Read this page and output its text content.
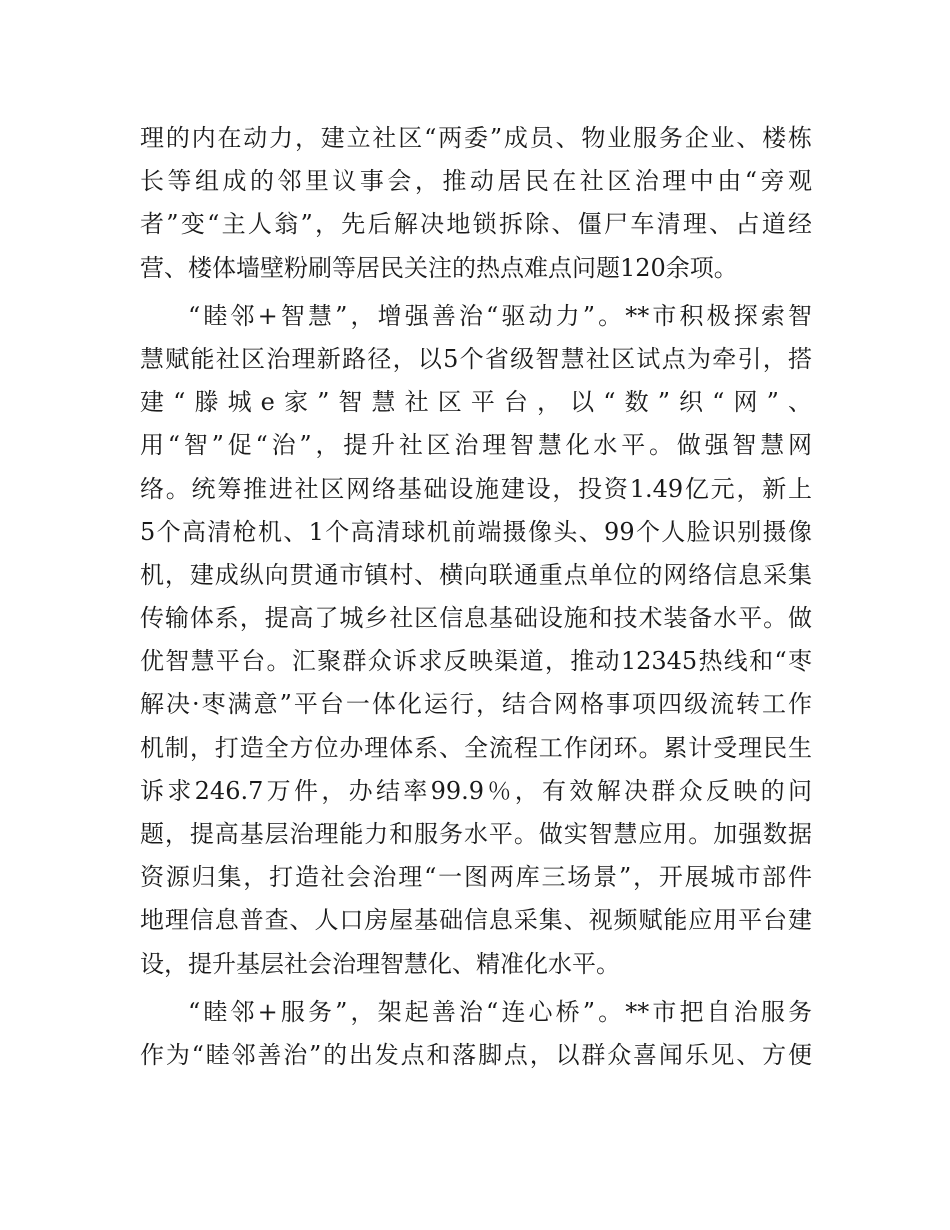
理的内在动力，建立社区“两委”成员、物业服务企业、楼栋
长等组成的邻里议事会，推动居民在社区治理中由“旁观
者”变“主人翁”，先后解决地锁拆除、僵尸车清理、占道经
营、楼体墙壁粉刷等居民关注的热点难点问题120余项。
“睦邻+智慧”，增强善治“驱动力”。**市积极探索智
慧赋能社区治理新路径，以5个省级智慧社区试点为牵引，搭
建“滕城e家”智慧社区平台，以“数”织“网”、
用“智”促“治”，提升社区治理智慧化水平。做强智慧网
络。统筹推进社区网络基础设施建设，投资1.49亿元，新上
5个高清枪机、1个高清球机前端摄像头、99个人脸识别摄像
机，建成纵向贯通市镇村、横向联通重点单位的网络信息采集
传输体系，提高了城乡社区信息基础设施和技术装备水平。做
优智慧平台。汇聚群众诉求反映渠道，推动12345热线和“枣
解决·枣满意”平台一体化运行，结合网格事项四级流转工作
机制，打造全方位办理体系、全流程工作闭环。累计受理民生
诉求246.7万件，办结率99.9％，有效解决群众反映的问
题，提高基层治理能力和服务水平。做实智慧应用。加强数据
资源归集，打造社会治理“一图两库三场景”，开展城市部件
地理信息普查、人口房屋基础信息采集、视频赋能应用平台建
设，提升基层社会治理智慧化、精准化水平。
“睦邻+服务”，架起善治“连心桥”。**市把自治服务
作为“睦邻善治”的出发点和落脚点，以群众喜闻乐见、方便
